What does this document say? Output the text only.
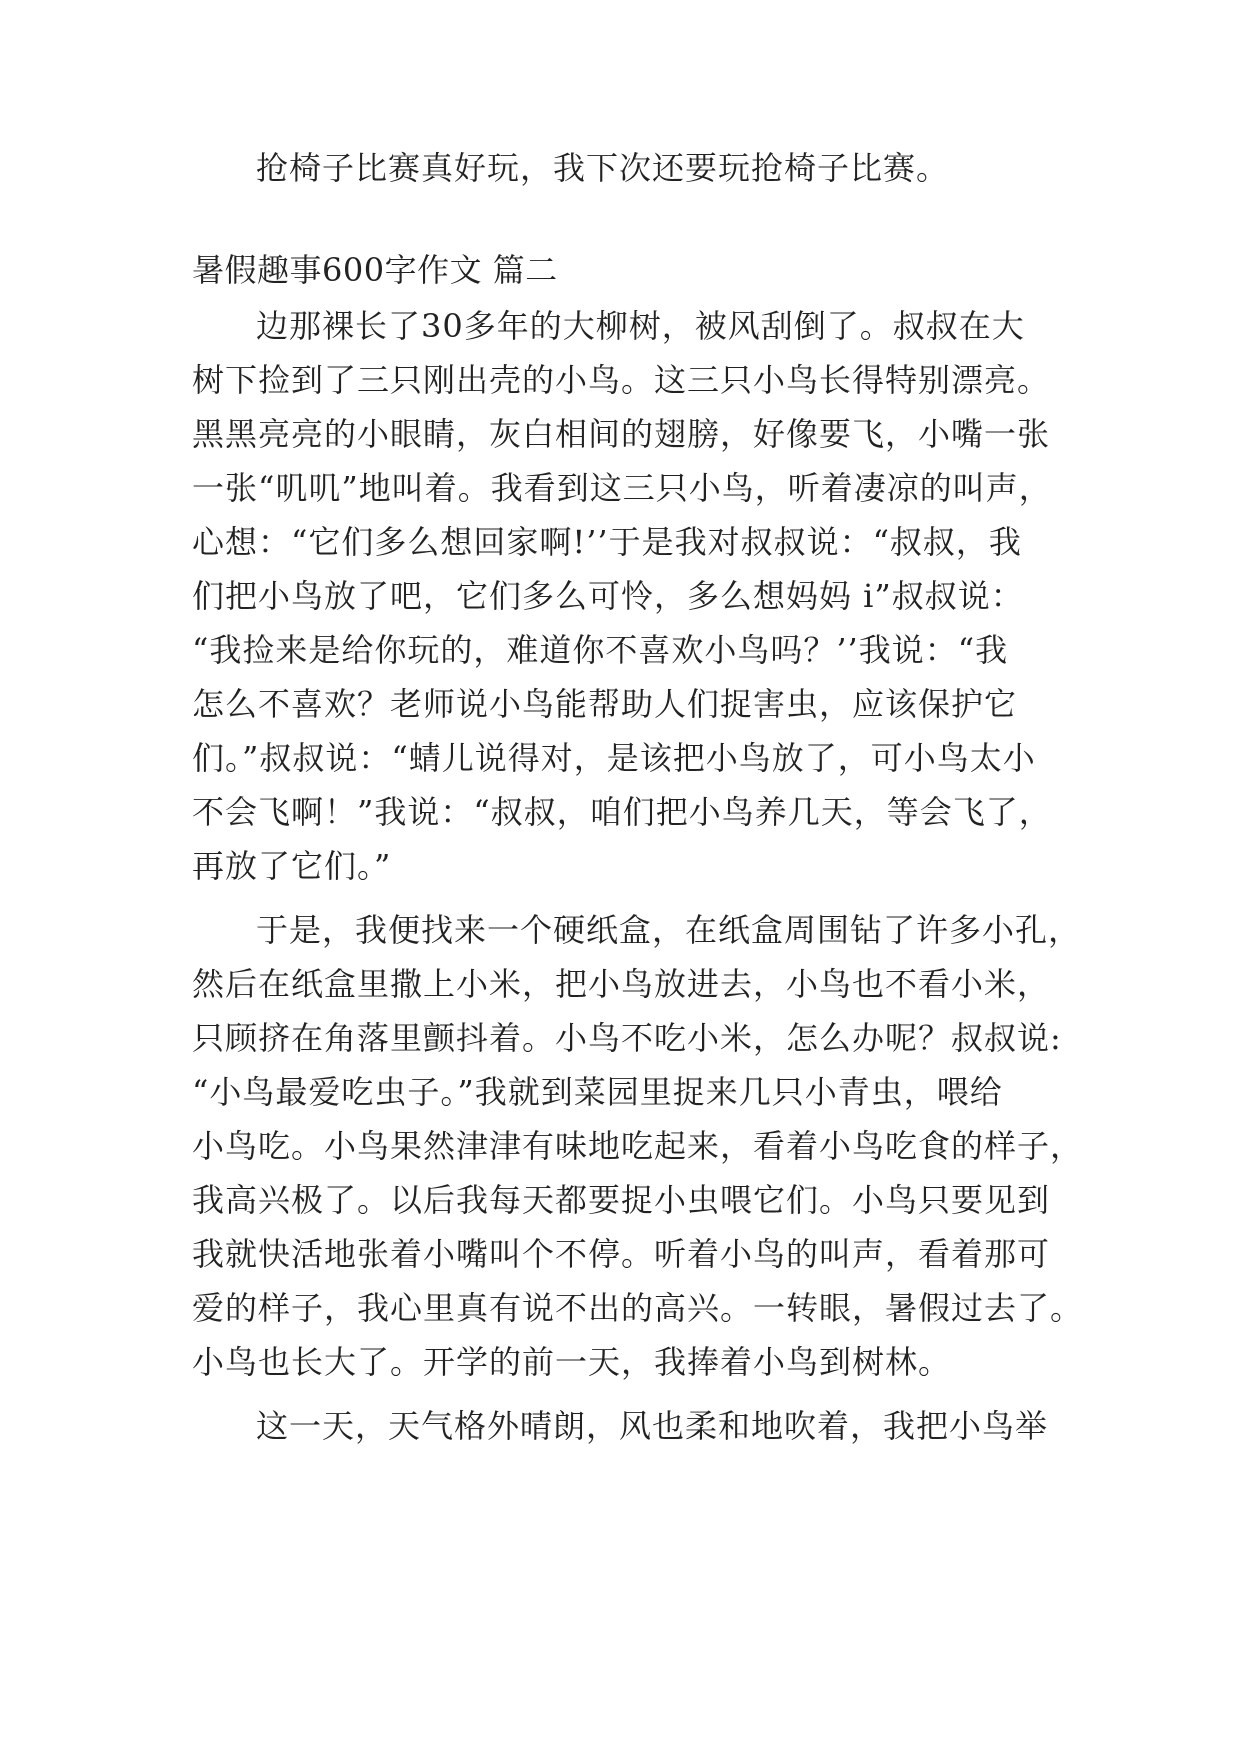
抢椅子比赛真好玩，我下次还要玩抢椅子比赛。
暑假趣事600字作文 篇二
边那裸长了30多年的大柳树，被风刮倒了。叔叔在大
树下捡到了三只刚出壳的小鸟。这三只小鸟长得特别漂亮。
黑黑亮亮的小眼睛，灰白相间的翅膀，好像要飞，小嘴一张
一张“叽叽”地叫着。我看到这三只小鸟，听着凄凉的叫声，
心想：“它们多么想回家啊!’’于是我对叔叔说：“叔叔，我
们把小鸟放了吧，它们多么可怜，多么想妈妈 i”叔叔说：
“我捡来是给你玩的，难道你不喜欢小鸟吗？’’我说：“我
怎么不喜欢？老师说小鸟能帮助人们捉害虫，应该保护它
们。”叔叔说：“蜻儿说得对，是该把小鸟放了，可小鸟太小
不会飞啊！”我说：“叔叔，咱们把小鸟养几天，等会飞了，
再放了它们。”
于是，我便找来一个硬纸盒，在纸盒周围钻了许多小孔，
然后在纸盒里撒上小米，把小鸟放进去，小鸟也不看小米，
只顾挤在角落里颤抖着。小鸟不吃小米，怎么办呢？叔叔说:
“小鸟最爱吃虫子。”我就到菜园里捉来几只小青虫，喂给
小鸟吃。小鸟果然津津有味地吃起来，看着小鸟吃食的样子，
我高兴极了。以后我每天都要捉小虫喂它们。小鸟只要见到
我就快活地张着小嘴叫个不停。听着小鸟的叫声，看着那可
爱的样子，我心里真有说不出的高兴。一转眼，暑假过去了。
小鸟也长大了。开学的前一天，我捧着小鸟到树林。
这一天，天气格外晴朗，风也柔和地吹着，我把小鸟举
